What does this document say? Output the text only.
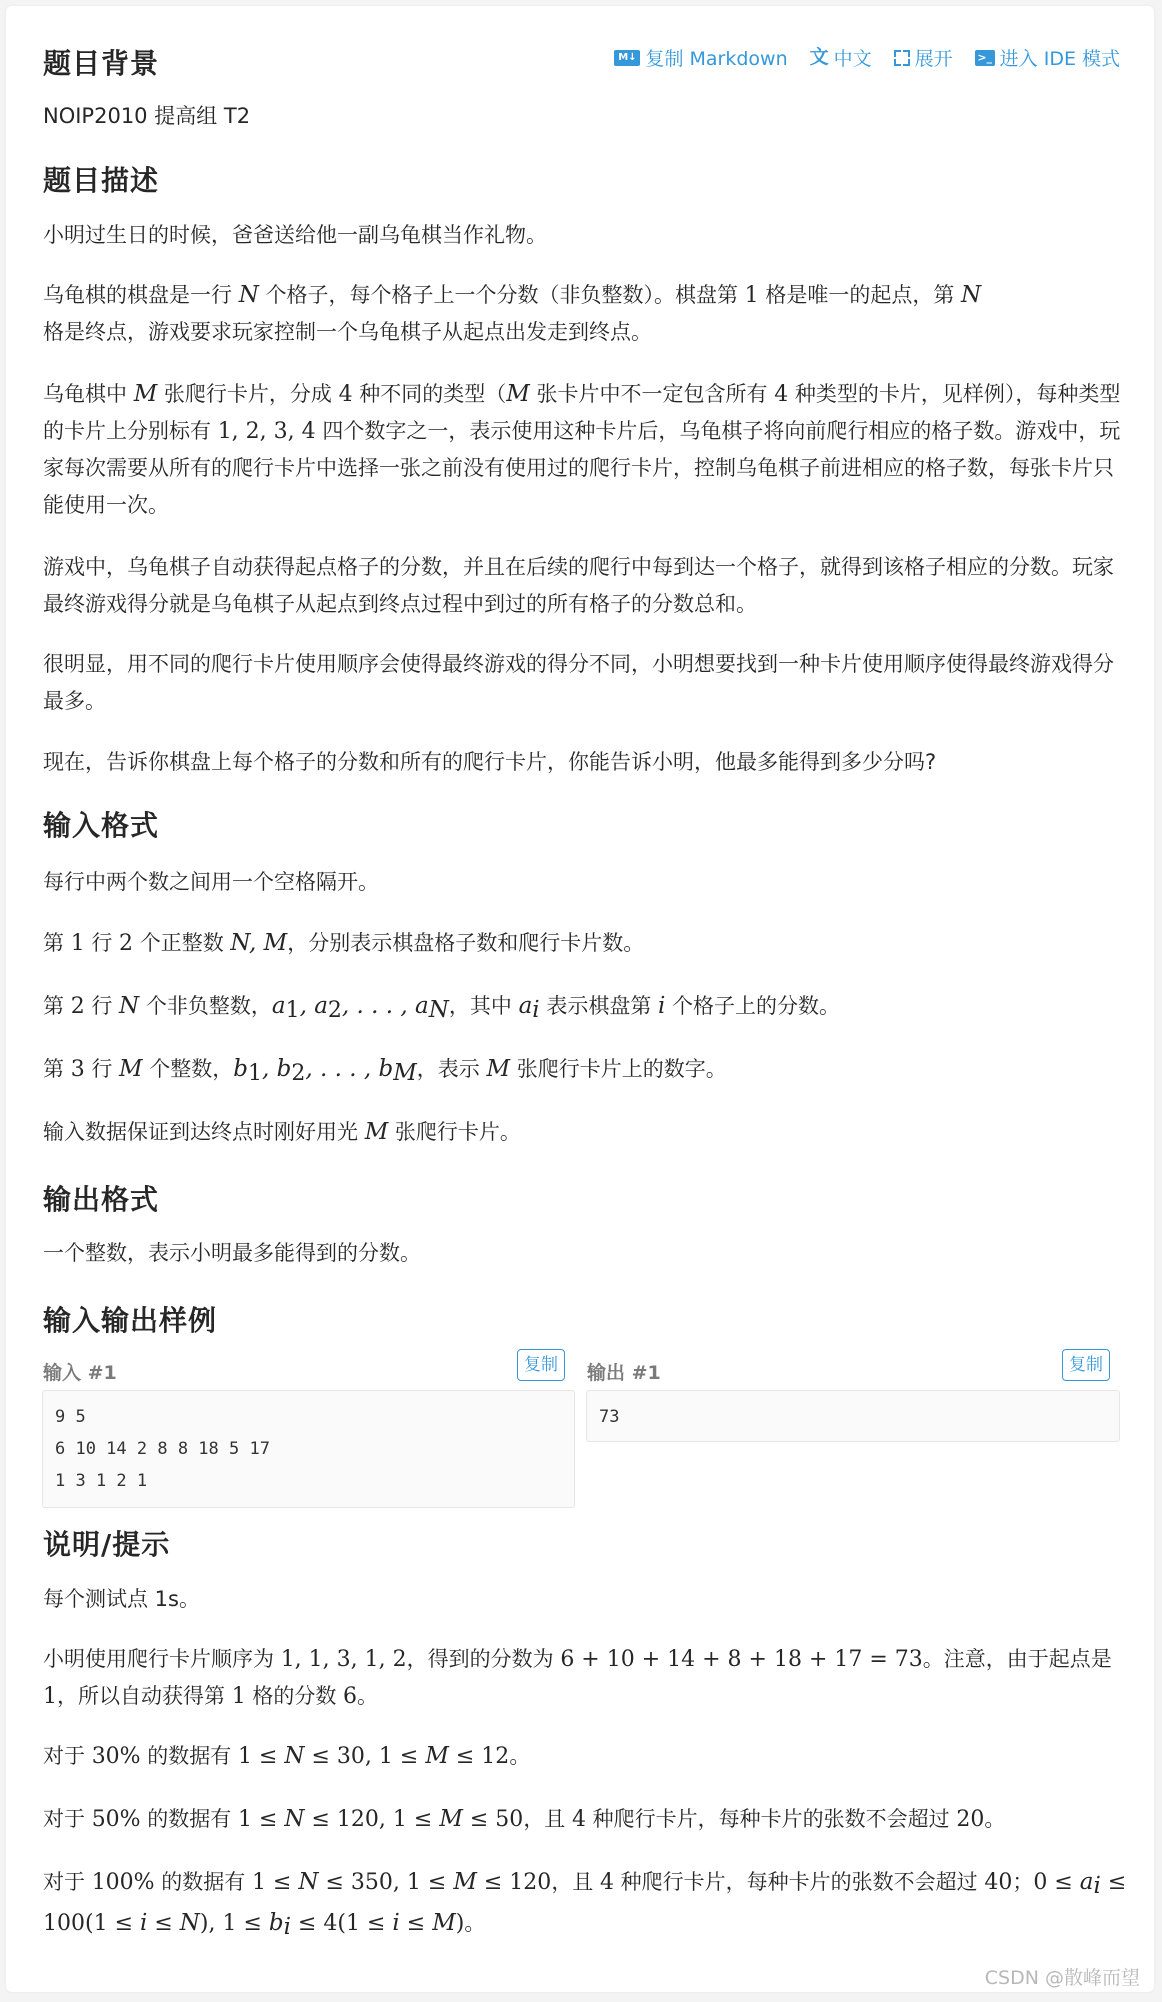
M↓ 复制 Markdown ⽂ 中文 展开 >_ 进入 IDE 模式
题目背景

NOIP2010 提高组 T2

题目描述

小明过生日的时候，爸爸送给他一副乌龟棋当作礼物。

乌龟棋的棋盘是一行 N 个格子，每个格子上一个分数（非负整数）。棋盘第 1 格是唯一的起点，第 N
格是终点，游戏要求玩家控制一个乌龟棋子从起点出发走到终点。

乌龟棋中 M 张爬行卡片，分成 4 种不同的类型（M 张卡片中不一定包含所有 4 种类型的卡片，见样例），每种类型的卡片上分别标有 1, 2, 3, 4 四个数字之一，表示使用这种卡片后，乌龟棋子将向前爬行相应的格子数。游戏中，玩家每次需要从所有的爬行卡片中选择一张之前没有使用过的爬行卡片，控制乌龟棋子前进相应的格子数，每张卡片只能使用一次。

游戏中，乌龟棋子自动获得起点格子的分数，并且在后续的爬行中每到达一个格子，就得到该格子相应的分数。玩家最终游戏得分就是乌龟棋子从起点到终点过程中到过的所有格子的分数总和。

很明显，用不同的爬行卡片使用顺序会使得最终游戏的得分不同，小明想要找到一种卡片使用顺序使得最终游戏得分最多。

现在，告诉你棋盘上每个格子的分数和所有的爬行卡片，你能告诉小明，他最多能得到多少分吗?

输入格式

每行中两个数之间用一个空格隔开。

第 1 行 2 个正整数 N, M，分别表示棋盘格子数和爬行卡片数。

第 2 行 N 个非负整数，$a_1$, $a_2$, . . . , $a_N$，其中 $a_i$ 表示棋盘第 i 个格子上的分数。

第 3 行 M 个整数，$b_1$, $b_2$, . . . , $b_M$，表示 M 张爬行卡片上的数字。

输入数据保证到达终点时刚好用光 M 张爬行卡片。

输出格式

一个整数，表示小明最多能得到的分数。

输入输出样例
输入 #1	复制
9 5
6 10 14 2 8 8 18 5 17
1 3 1 2 1
输出 #1	复制
73
说明/提示

每个测试点 1s。

小明使用爬行卡片顺序为 1, 1, 3, 1, 2，得到的分数为 6 + 10 + 14 + 8 + 18 + 17 = 73。注意，由于起点是 1，所以自动获得第 1 格的分数 6。

对于 30% 的数据有 1 ≤ N ≤ 30, 1 ≤ M ≤ 12。

对于 50% 的数据有 1 ≤ N ≤ 120, 1 ≤ M ≤ 50，且 4 种爬行卡片，每种卡片的张数不会超过 20。

对于 100% 的数据有 1 ≤ N ≤ 350, 1 ≤ M ≤ 120，且 4 种爬行卡片，每种卡片的张数不会超过 40；$0 \le a_i \le 100(1 \le i \le N)$, $1 \le b_i \le 4(1 \le i \le M)$。

CSDN @散峰而望
